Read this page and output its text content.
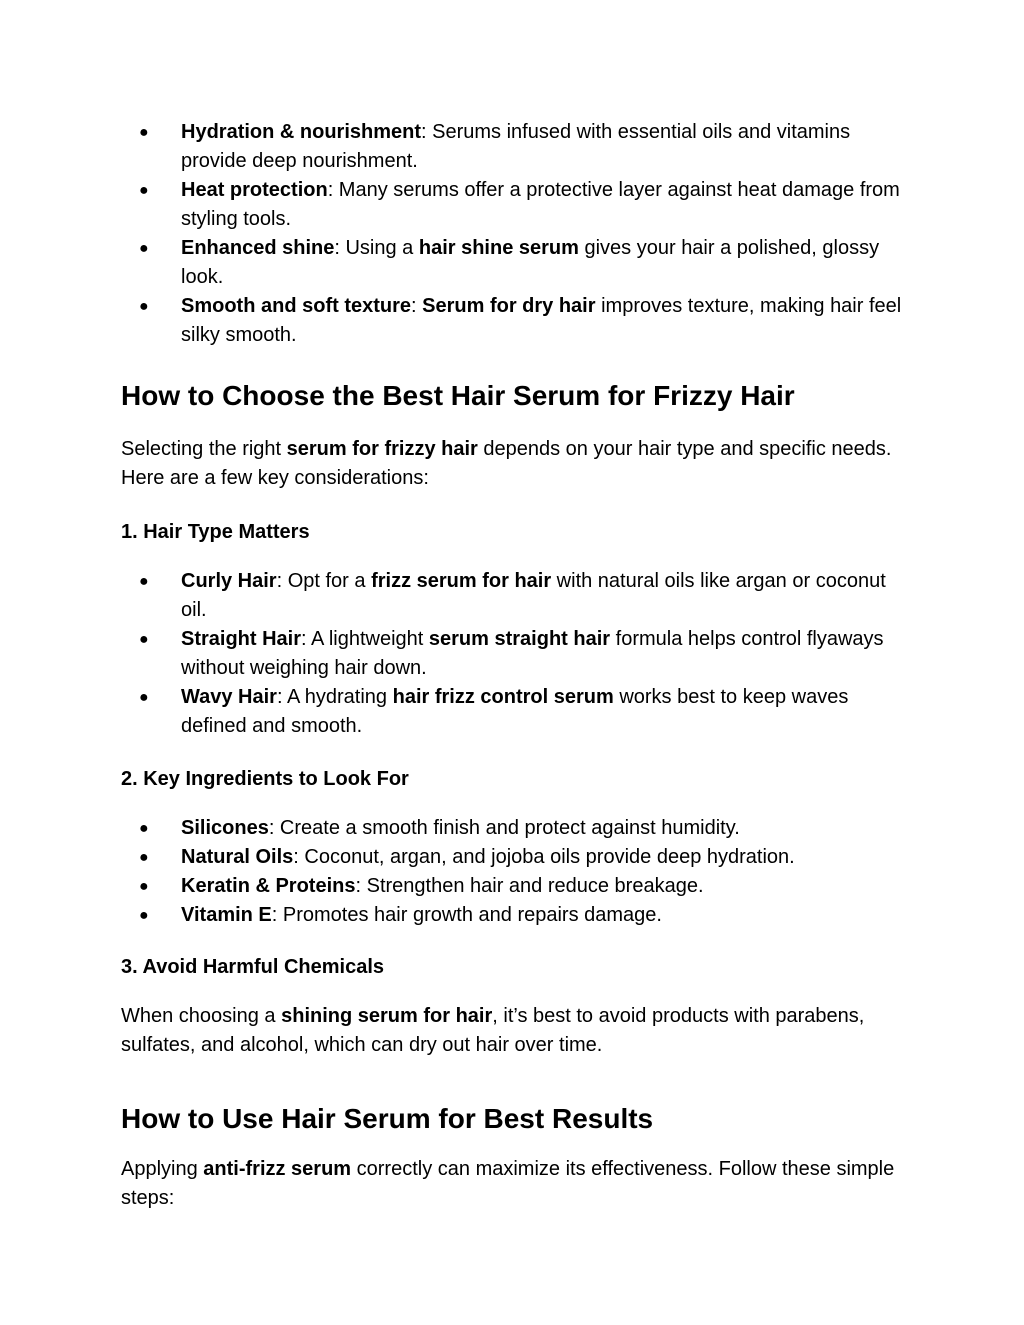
● Hydration & nourishment: Serums infused with essential oils and vitamins provide deep nourishment.
● Heat protection: Many serums offer a protective layer against heat damage from styling tools.
● Enhanced shine: Using a hair shine serum gives your hair a polished, glossy look.
● Smooth and soft texture: Serum for dry hair improves texture, making hair feel silky smooth.
How to Choose the Best Hair Serum for Frizzy Hair

Selecting the right serum for frizzy hair depends on your hair type and specific needs. Here are a few key considerations:

1. Hair Type Matters
● Curly Hair: Opt for a frizz serum for hair with natural oils like argan or coconut oil.
● Straight Hair: A lightweight serum straight hair formula helps control flyaways without weighing hair down.
● Wavy Hair: A hydrating hair frizz control serum works best to keep waves defined and smooth.
2. Key Ingredients to Look For
● Silicones: Create a smooth finish and protect against humidity.
● Natural Oils: Coconut, argan, and jojoba oils provide deep hydration.
● Keratin & Proteins: Strengthen hair and reduce breakage.
● Vitamin E: Promotes hair growth and repairs damage.
3. Avoid Harmful Chemicals

When choosing a shining serum for hair, it’s best to avoid products with parabens, sulfates, and alcohol, which can dry out hair over time.

How to Use Hair Serum for Best Results

Applying anti-frizz serum correctly can maximize its effectiveness. Follow these simple steps:
